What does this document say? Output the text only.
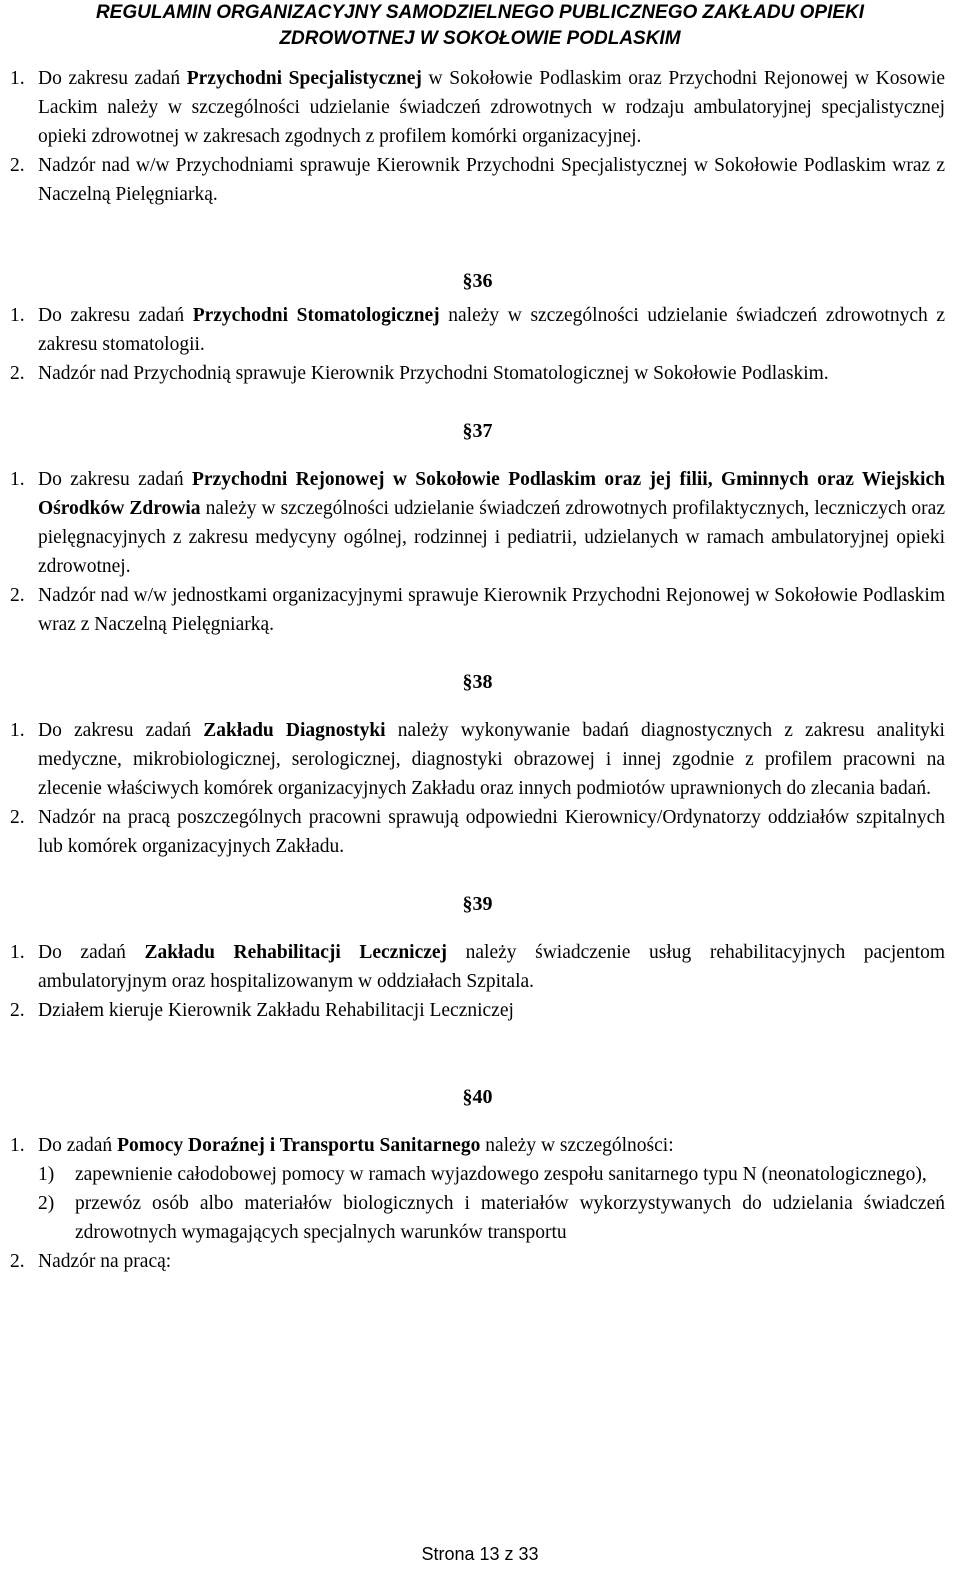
REGULAMIN ORGANIZACYJNY SAMODZIELNEGO PUBLICZNEGO ZAKŁADU OPIEKI
ZDROWOTNEJ W SOKOŁOWIE PODLASKIM
1. Do zakresu zadań Przychodni Specjalistycznej w Sokołowie Podlaskim oraz Przychodni Rejonowej w Kosowie Lackim należy w szczególności udzielanie świadczeń zdrowotnych w rodzaju ambulatoryjnej specjalistycznej opieki zdrowotnej w zakresach zgodnych z profilem komórki organizacyjnej.
2. Nadzór nad w/w Przychodniami sprawuje Kierownik Przychodni Specjalistycznej w Sokołowie Podlaskim wraz z Naczelną Pielęgniarką.
§36
1. Do zakresu zadań Przychodni Stomatologicznej należy w szczególności udzielanie świadczeń zdrowotnych z zakresu stomatologii.
2. Nadzór nad Przychodnią sprawuje Kierownik Przychodni Stomatologicznej w Sokołowie Podlaskim.
§37
1. Do zakresu zadań Przychodni Rejonowej w Sokołowie Podlaskim oraz jej filii, Gminnych oraz Wiejskich Ośrodków Zdrowia należy w szczególności udzielanie świadczeń zdrowotnych profilaktycznych, leczniczych oraz pielęgnacyjnych z zakresu medycyny ogólnej, rodzinnej i pediatrii, udzielanych w ramach ambulatoryjnej opieki zdrowotnej.
2. Nadzór nad w/w jednostkami organizacyjnymi sprawuje Kierownik Przychodni Rejonowej w Sokołowie Podlaskim wraz z Naczelną Pielęgniarką.
§38
1. Do zakresu zadań Zakładu Diagnostyki należy wykonywanie badań diagnostycznych z zakresu analityki medyczne, mikrobiologicznej, serologicznej, diagnostyki obrazowej i innej zgodnie z profilem pracowni na zlecenie właściwych komórek organizacyjnych Zakładu oraz innych podmiotów uprawnionych do zlecania badań.
2. Nadzór na pracą poszczególnych pracowni sprawują odpowiedni Kierownicy/Ordynatorzy oddziałów szpitalnych lub komórek organizacyjnych Zakładu.
§39
1. Do zadań Zakładu Rehabilitacji Leczniczej należy świadczenie usług rehabilitacyjnych pacjentom ambulatoryjnym oraz hospitalizowanym w oddziałach Szpitala.
2. Działem kieruje Kierownik Zakładu Rehabilitacji Leczniczej
§40
1. Do zadań Pomocy Doraźnej i Transportu Sanitarnego należy w szczególności:
1) zapewnienie całodobowej pomocy w ramach wyjazdowego zespołu sanitarnego typu N (neonatologicznego),
2) przewóz osób albo materiałów biologicznych i materiałów wykorzystywanych do udzielania świadczeń zdrowotnych wymagających specjalnych warunków transportu
2. Nadzór na pracą:
Strona 13 z 33
